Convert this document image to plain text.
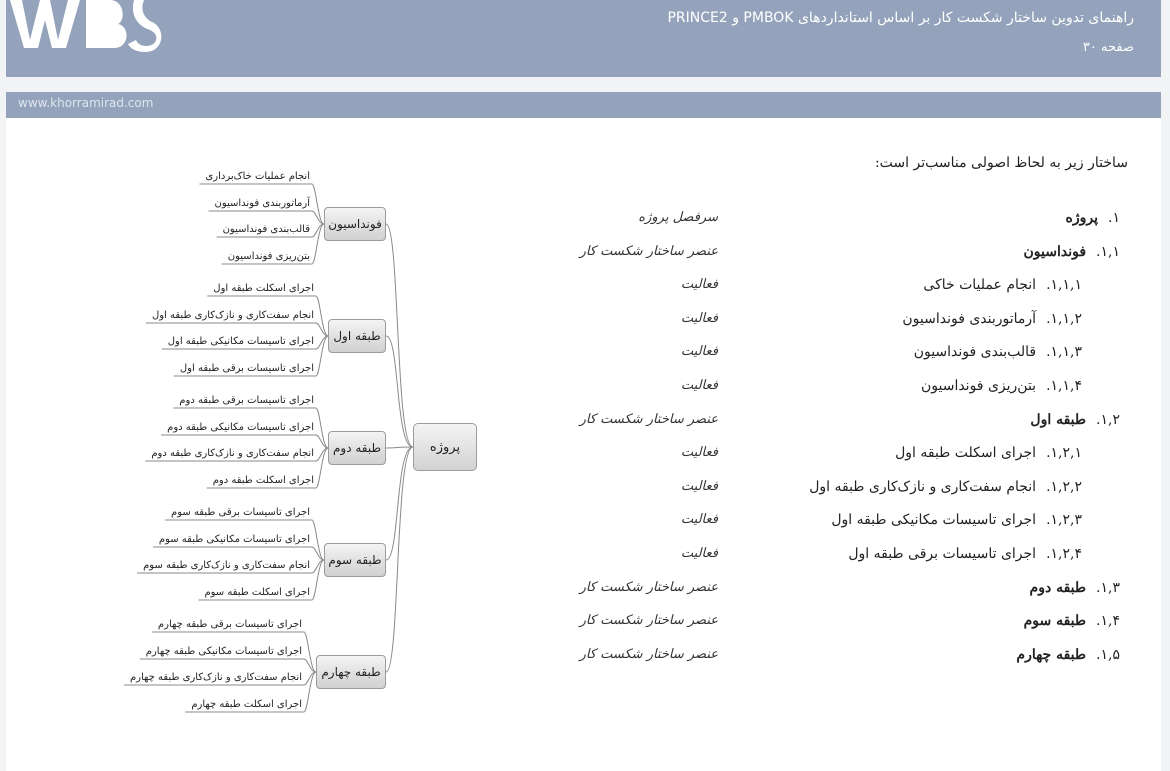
راهنمای تدوین ساختار شکست کار بر اساس استانداردهای PMBOK و PRINCE2
صفحه ۳۰
www.khorramirad.com
ساختار زیر به لحاظ اصولی مناسب‌تر است:
۱.پروژه
سرفصل پروژه
۱,۱.فونداسیون
عنصر ساختار شکست کار
۱,۱,۱.انجام عملیات خاکی
فعالیت
۱,۱,۲.آرماتوربندی فونداسیون
فعالیت
۱,۱,۳.قالب‌بندی فونداسیون
فعالیت
۱,۱,۴.بتن‌ریزی فونداسیون
فعالیت
۱,۲.طبقه اول
عنصر ساختار شکست کار
۱,۲,۱.اجرای اسکلت طبقه اول
فعالیت
۱,۲,۲.انجام سفت‌کاری و نازک‌کاری طبقه اول
فعالیت
۱,۲,۳.اجرای تاسیسات مکانیکی طبقه اول
فعالیت
۱,۲,۴.اجرای تاسیسات برقی طبقه اول
فعالیت
۱,۳.طبقه دوم
عنصر ساختار شکست کار
۱,۴.طبقه سوم
عنصر ساختار شکست کار
۱,۵.طبقه چهارم
عنصر ساختار شکست کار
پروژه
فونداسیون
انجام عملیات خاک‌برداری
آرماتوربندی فونداسیون
قالب‌بندی فونداسیون
بتن‌ریزی فونداسیون
طبقه اول
اجرای اسکلت طبقه اول
انجام سفت‌کاری و نازک‌کاری طبقه اول
اجرای تاسیسات مکانیکی طبقه اول
اجرای تاسیسات برقی طبقه اول
طبقه دوم
اجرای تاسیسات برقی طبقه دوم
اجرای تاسیسات مکانیکی طبقه دوم
انجام سفت‌کاری و نازک‌کاری طبقه دوم
اجرای اسکلت طبقه دوم
طبقه سوم
اجرای تاسیسات برقی طبقه سوم
اجرای تاسیسات مکانیکی طبقه سوم
انجام سفت‌کاری و نازک‌کاری طبقه سوم
اجرای اسکلت طبقه سوم
طبقه چهارم
اجرای تاسیسات برقی طبقه چهارم
اجرای تاسیسات مکانیکی طبقه چهارم
انجام سفت‌کاری و نازک‌کاری طبقه چهارم
اجرای اسکلت طبقه چهارم
